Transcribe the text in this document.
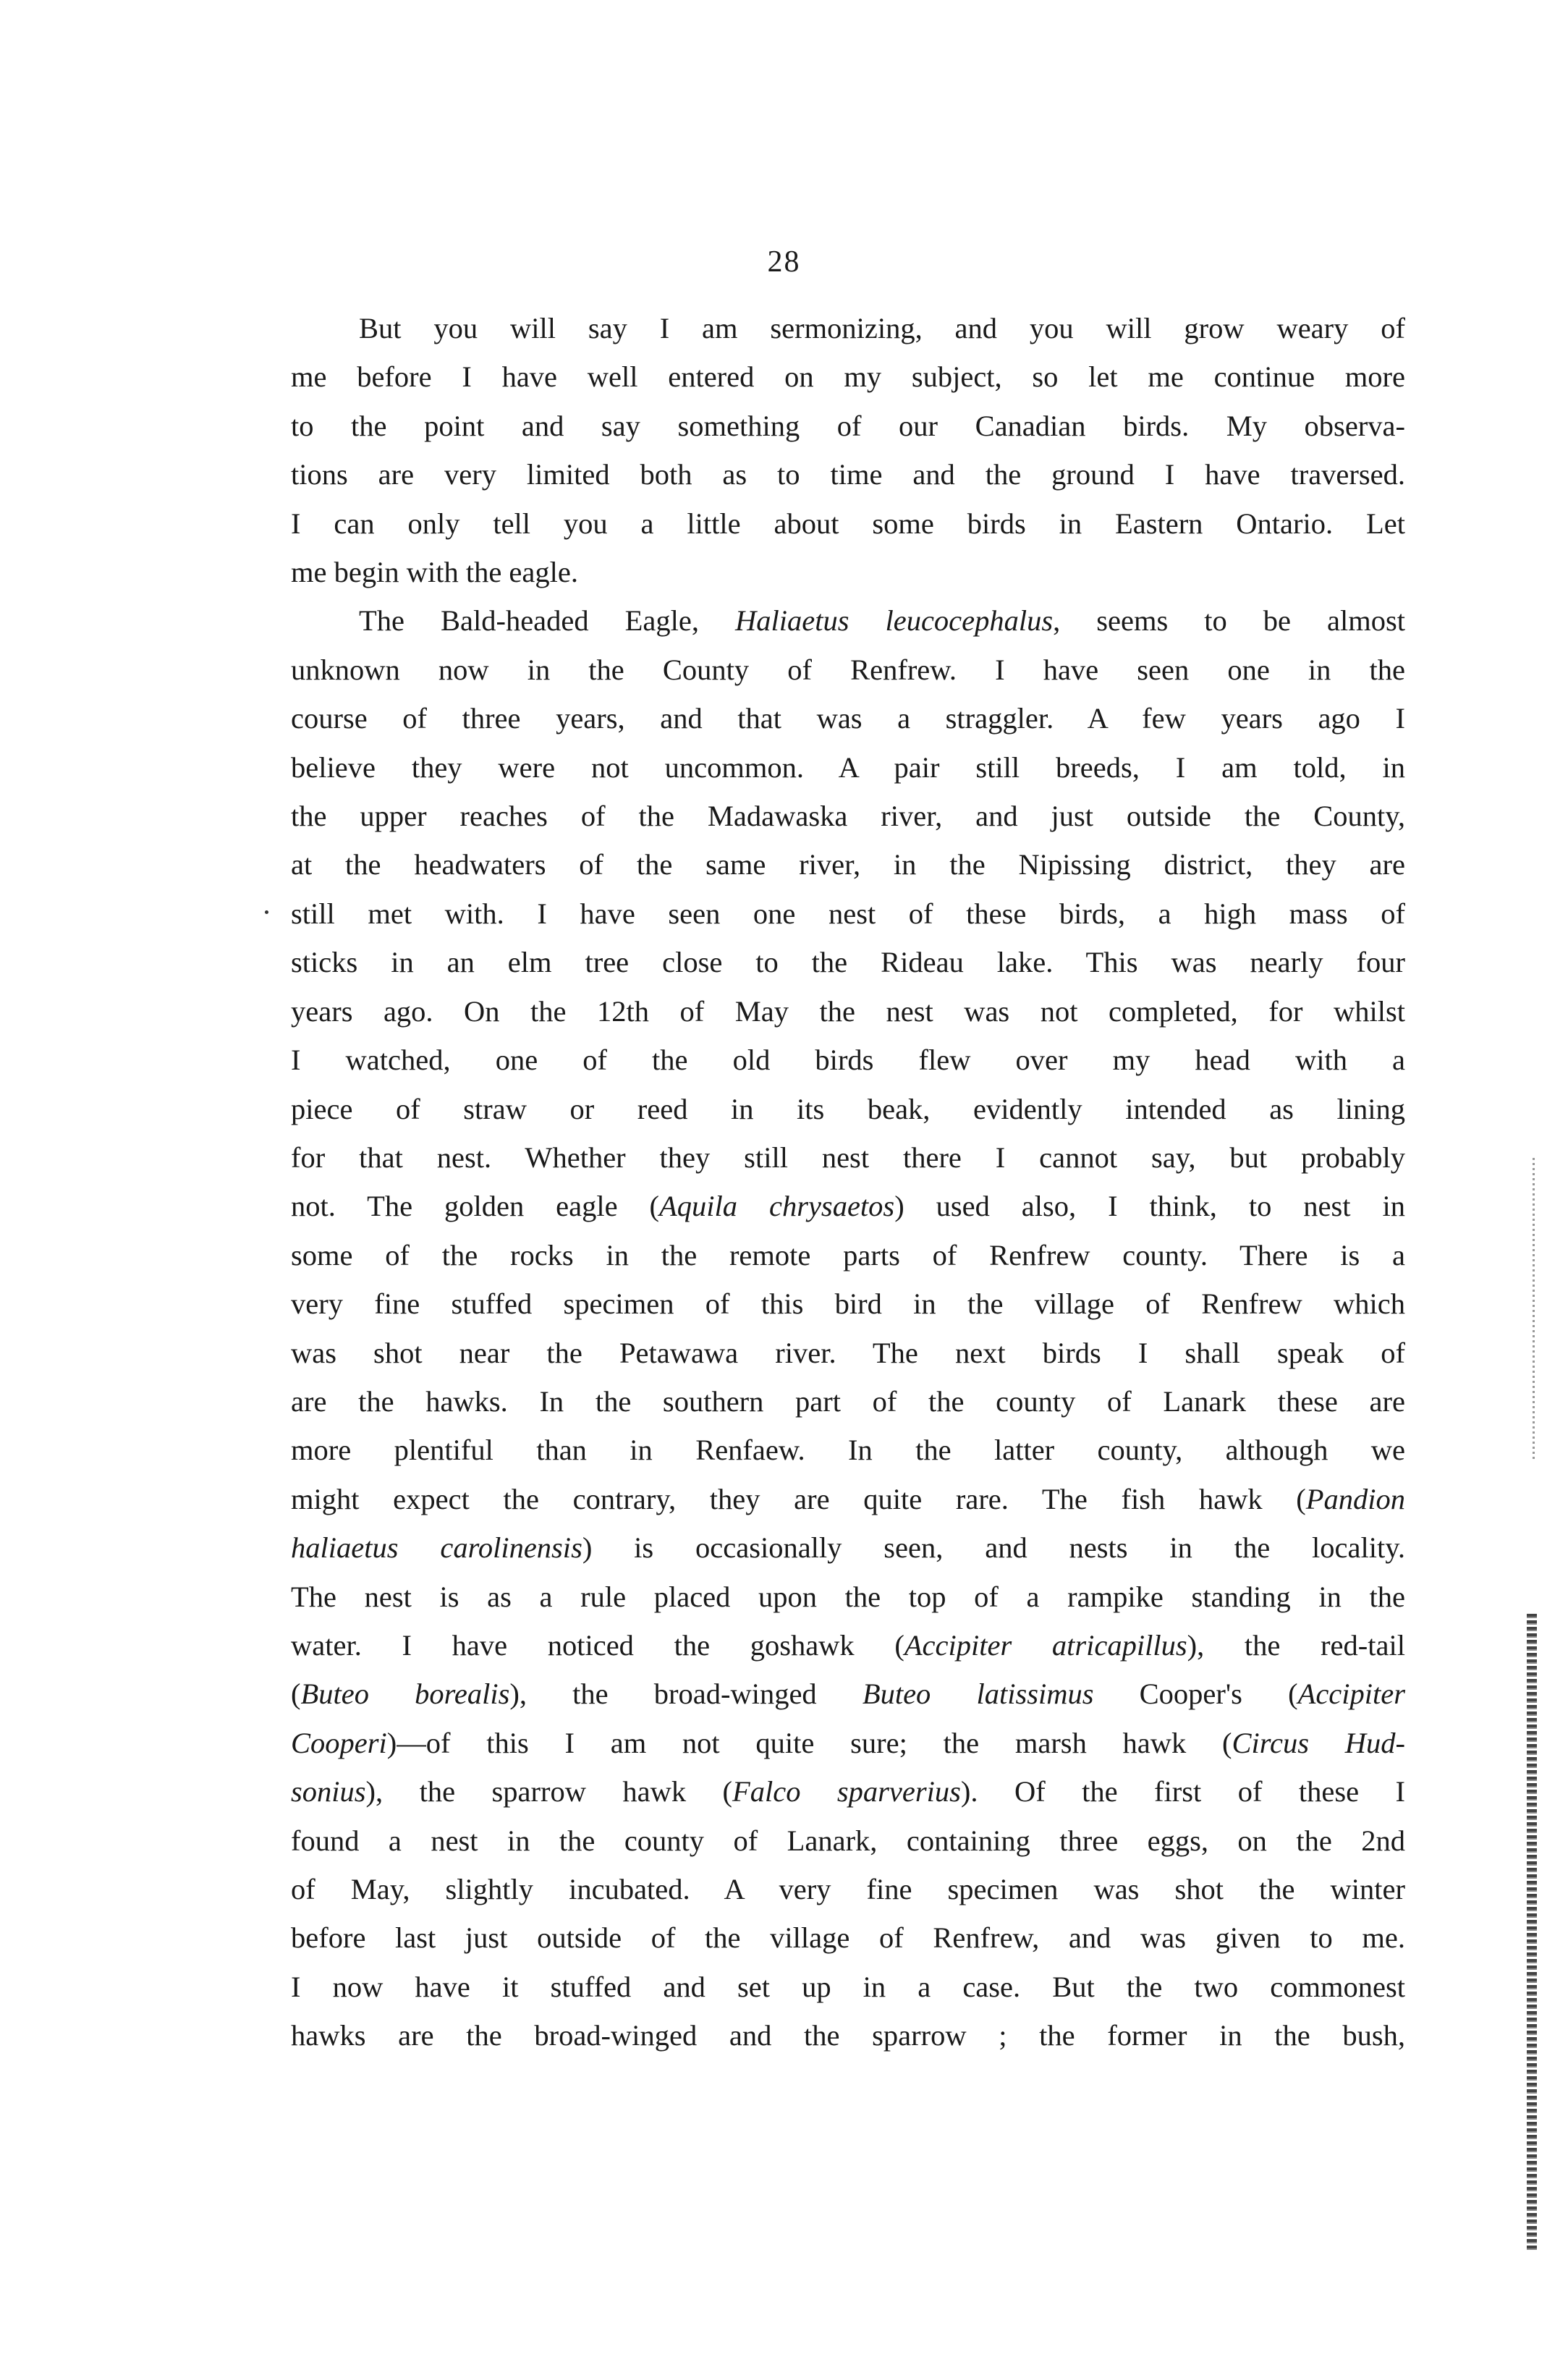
28
But you will say I am sermonizing, and you will grow weary of
me before I have well entered on my subject, so let me continue more
to the point and say something of our Canadian birds. My observa-
tions are very limited both as to time and the ground I have traversed.
I can only tell you a little about some birds in Eastern Ontario. Let
me begin with the eagle.
The Bald-headed Eagle, Haliaetus leucocephalus, seems to be almost
unknown now in the County of Renfrew. I have seen one in the
course of three years, and that was a straggler. A few years ago I
believe they were not uncommon. A pair still breeds, I am told, in
the upper reaches of the Madawaska river, and just outside the County,
at the headwaters of the same river, in the Nipissing district, they are
still met with. I have seen one nest of these birds, a high mass of
sticks in an elm tree close to the Rideau lake. This was nearly four
years ago. On the 12th of May the nest was not completed, for whilst
I watched, one of the old birds flew over my head with a
piece of straw or reed in its beak, evidently intended as lining
for that nest. Whether they still nest there I cannot say, but probably
not. The golden eagle (Aquila chrysaetos) used also, I think, to nest in
some of the rocks in the remote parts of Renfrew county. There is a
very fine stuffed specimen of this bird in the village of Renfrew which
was shot near the Petawawa river. The next birds I shall speak of
are the hawks. In the southern part of the county of Lanark these are
more plentiful than in Renfaew. In the latter county, although we
might expect the contrary, they are quite rare. The fish hawk (Pandion
haliaetus carolinensis) is occasionally seen, and nests in the locality.
The nest is as a rule placed upon the top of a rampike standing in the
water. I have noticed the goshawk (Accipiter atricapillus), the red-tail
(Buteo borealis), the broad-winged Buteo latissimus Cooper's (Accipiter
Cooperi)—of this I am not quite sure; the marsh hawk (Circus Hud-
sonius), the sparrow hawk (Falco sparverius). Of the first of these I
found a nest in the county of Lanark, containing three eggs, on the 2nd
of May, slightly incubated. A very fine specimen was shot the winter
before last just outside of the village of Renfrew, and was given to me.
I now have it stuffed and set up in a case. But the two commonest
hawks are the broad-winged and the sparrow ; the former in the bush,
